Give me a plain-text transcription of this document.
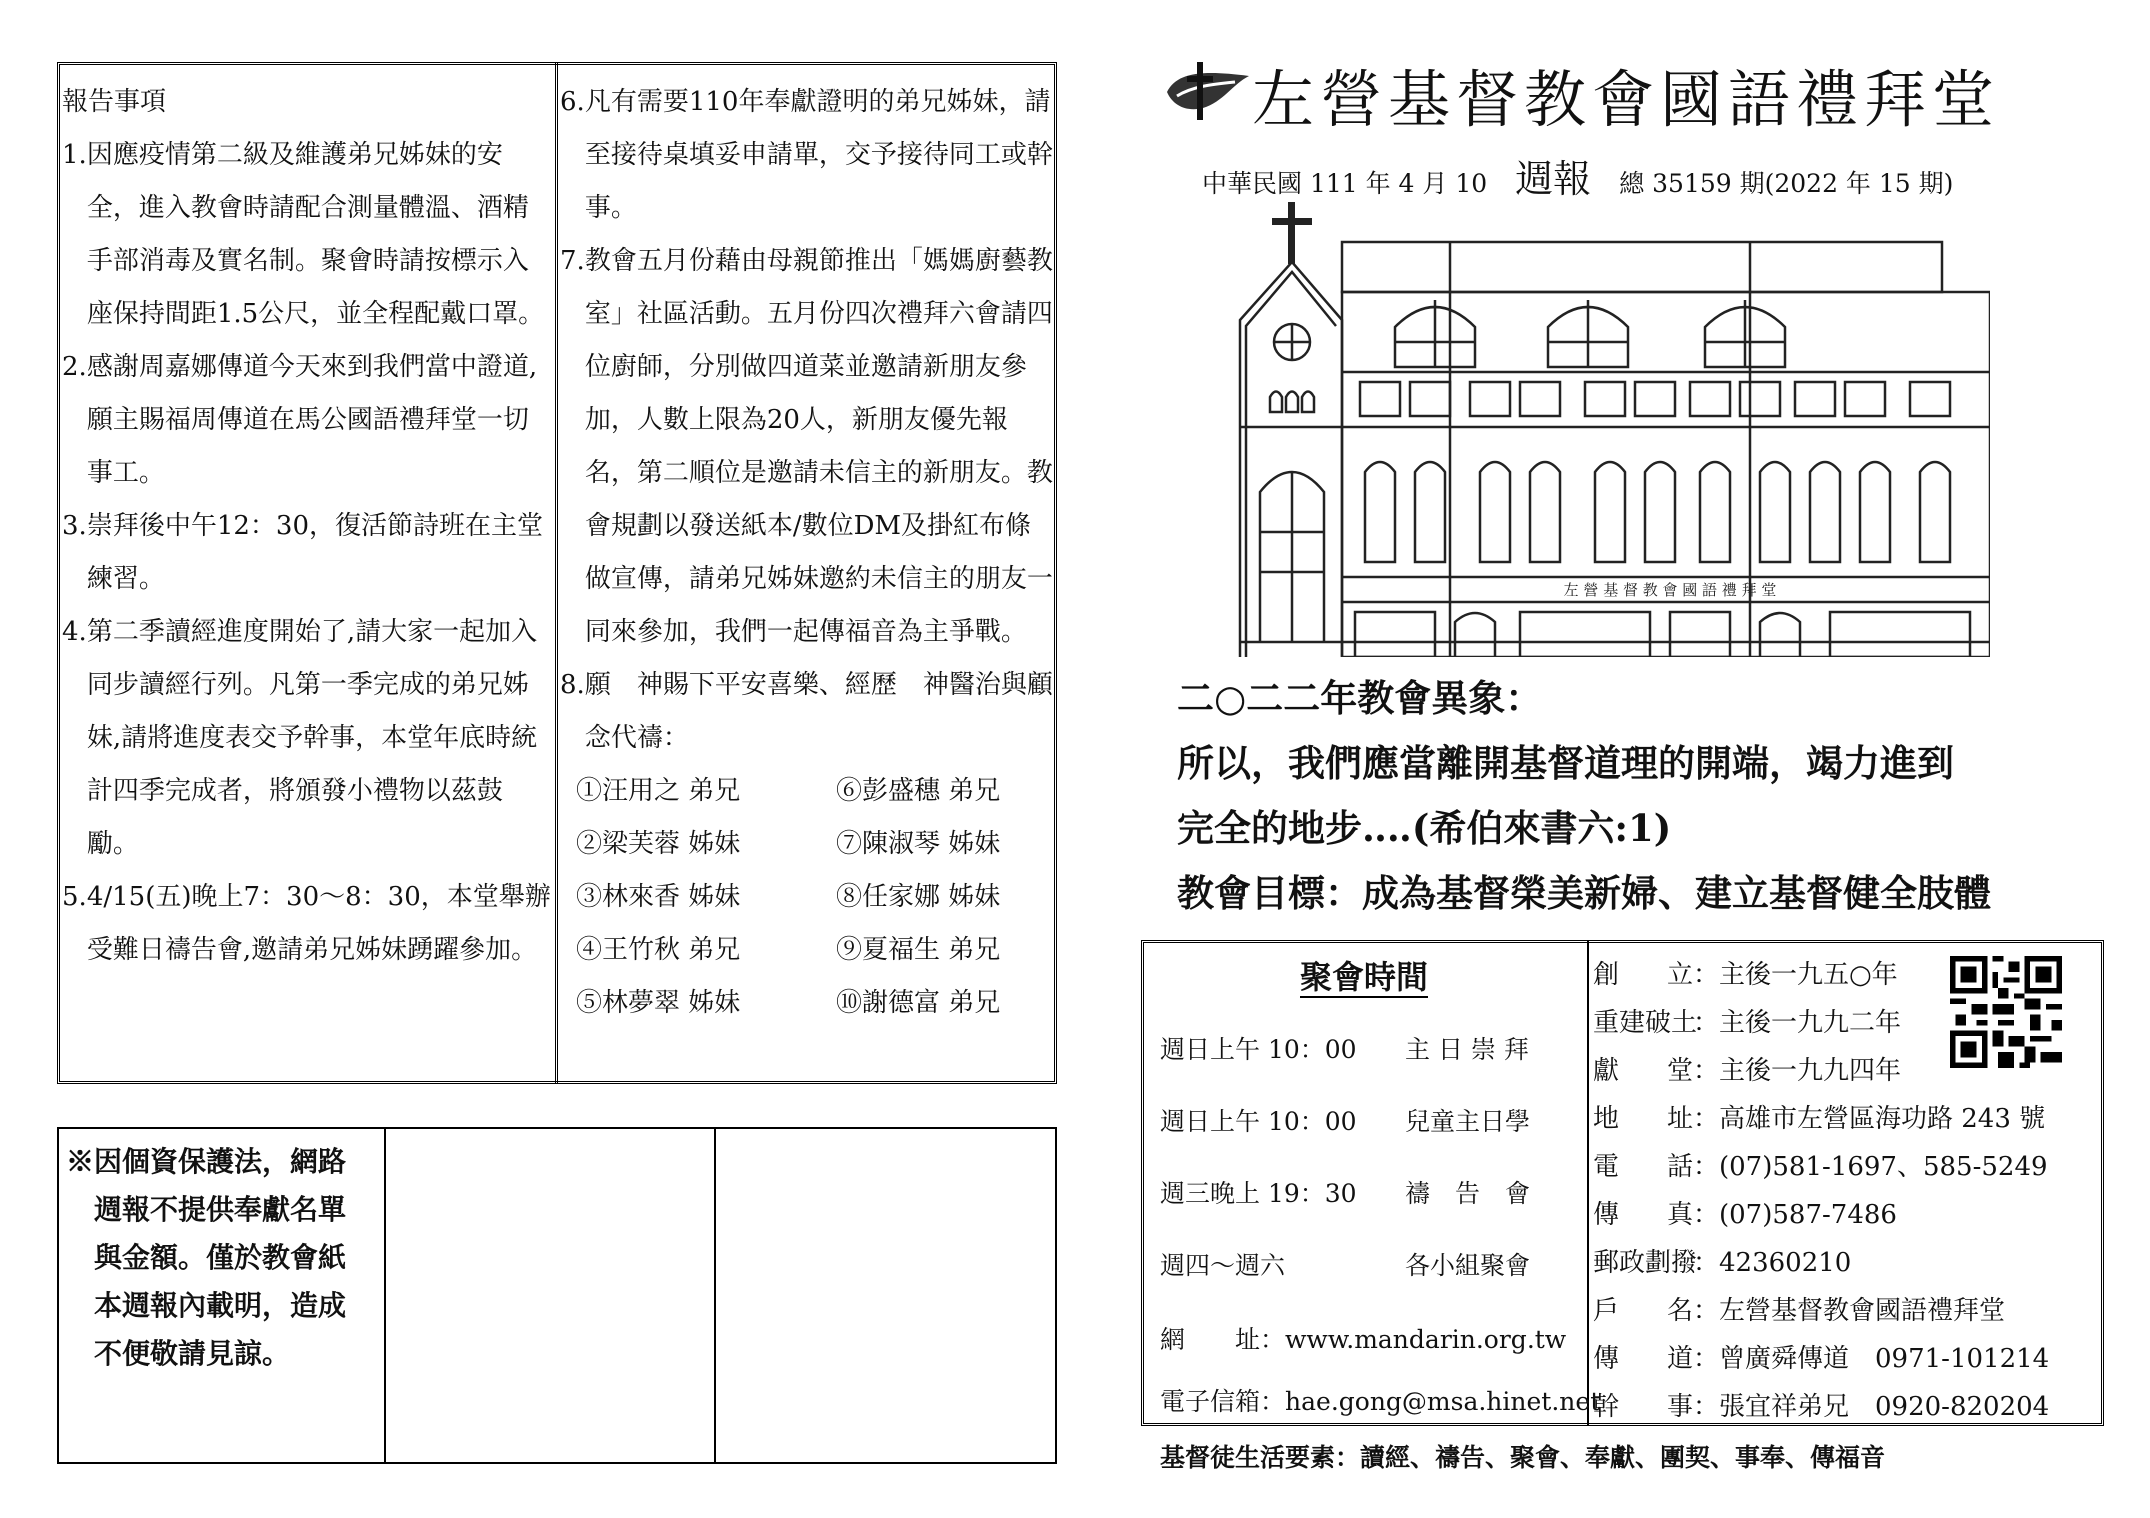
報告事項
1. 因應疫情第二級及維護弟兄姊妹的安全，進入教會時請配合測量體溫、酒精手部消毒及實名制。聚會時請按標示入座保持間距1.5公尺，並全程配戴口罩。
2. 感謝周嘉娜傳道今天來到我們當中證道,願主賜福周傳道在馬公國語禮拜堂一切事工。
3. 崇拜後中午12：30，復活節詩班在主堂練習。
4. 第二季讀經進度開始了,請大家一起加入同步讀經行列。凡第一季完成的弟兄姊妹,請將進度表交予幹事，本堂年底時統計四季完成者，將頒發小禮物以茲鼓勵。
5. 4/15(五)晚上7：30～8：30，本堂舉辦受難日禱告會,邀請弟兄姊妹踴躍參加。
6. 凡有需要110年奉獻證明的弟兄姊妹，請至接待桌填妥申請單，交予接待同工或幹事。
7. 教會五月份藉由母親節推出「媽媽廚藝教室」社區活動。五月份四次禮拜六會請四位廚師，分別做四道菜並邀請新朋友參加，人數上限為20人，新朋友優先報名，第二順位是邀請未信主的新朋友。教會規劃以發送紙本/數位DM及掛紅布條做宣傳，請弟兄姊妹邀約未信主的朋友一同來參加，我們一起傳福音為主爭戰。
8. 願　神賜下平安喜樂、經歷　神醫治與顧念代禱：
①汪用之 弟兄	⑥彭盛穗 弟兄
②梁芙蓉 姊妹	⑦陳淑琴 姊妹
③林來香 姊妹	⑧任家娜 姊妹
④王竹秋 弟兄	⑨夏福生 弟兄
⑤林夢翠 姊妹	⑩謝德富 弟兄
※因個資保護法，網路
週報不提供奉獻名單
與金額。僅於教會紙
本週報內載明，造成
不便敬請見諒。
左營基督教會國語禮拜堂
中華民國 111 年 4 月 10 週報 總 35159 期(2022 年 15 期)
左 營 基 督 教 會 國 語 禮 拜 堂
二○二二年教會異象：
所以，我們應當離開基督道理的開端，竭力進到
完全的地步‥‥(希伯來書六:1)
教會目標：成為基督榮美新婦、建立基督健全肢體
聚會時間
週日上午 10：00 主 日 崇 拜
週日上午 10：00 兒童主日學
週三晚上 19：30 禱　告　會
週四～週六	各小組聚會
網　　址：www.mandarin.org.tw
電子信箱：hae.gong@msa.hinet.net
創立：主後一九五○年
重建破土：主後一九九二年
獻堂：主後一九九四年
地址：高雄市左營區海功路 243 號
電話：(07)581-1697、585-5249
傳真：(07)587-7486
郵政劃撥：42360210
戶名：左營基督教會國語禮拜堂
傳道：曾廣舜傳道　0971-101214
幹事：張宜祥弟兄　0920-820204
基督徒生活要素：讀經、禱告、聚會、奉獻、團契、事奉、傳福音
